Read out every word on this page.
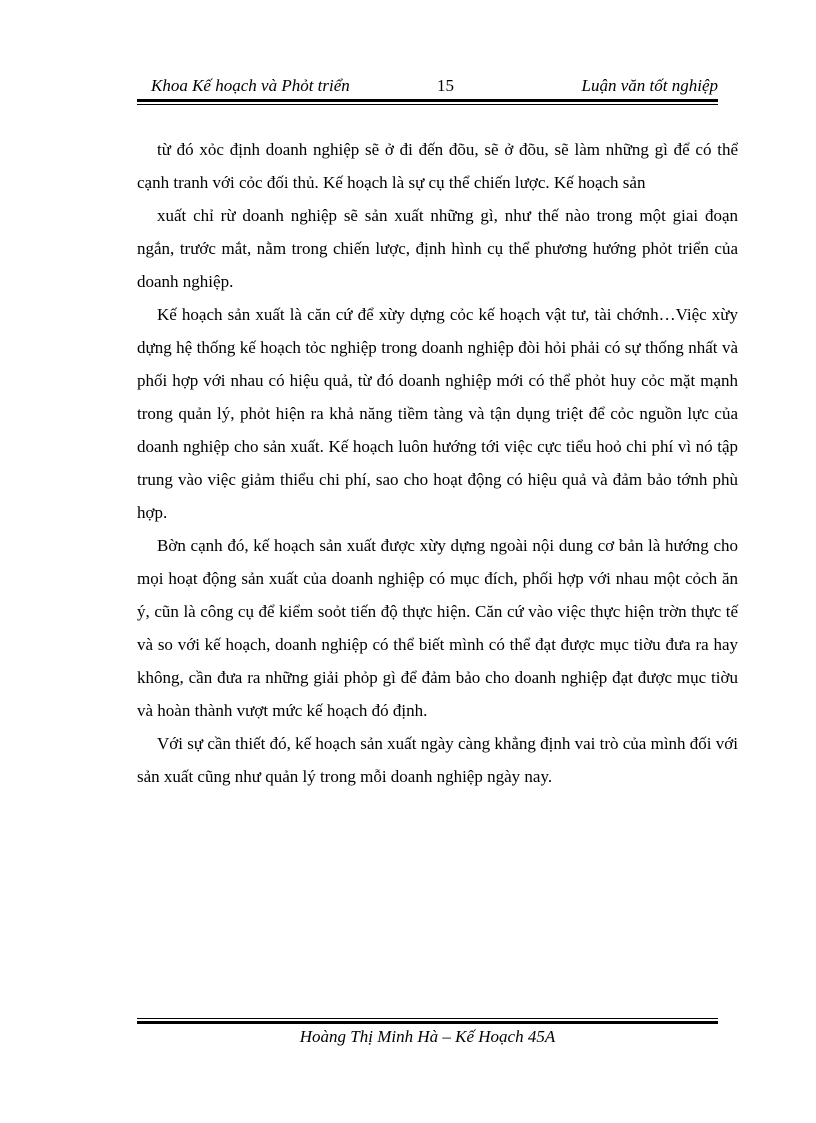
Khoa Kế hoạch và Phỏt triển	15	Luận văn tốt nghiệp

từ đó xỏc định doanh nghiệp sẽ ở đi đến đõu, sẽ ở đõu, sẽ làm những gì để có thể cạnh tranh với cỏc đối thủ. Kế hoạch là sự cụ thể chiến lược. Kế hoạch sản

xuất chỉ rừ doanh nghiệp sẽ sản xuất những gì, như thế nào trong một giai đoạn ngắn, trước mắt, nằm trong chiến lược, định hình cụ thể phương hướng phỏt triển của doanh nghiệp.

Kế hoạch sản xuất là căn cứ để xừy dựng cỏc kế hoạch vật tư, tài chớnh…Việc xừy dựng hệ thống kế hoạch tỏc nghiệp trong doanh nghiệp đòi hỏi phải có sự thống nhất và phối hợp với nhau có hiệu quả, từ đó doanh nghiệp mới có thể phỏt huy cỏc mặt mạnh trong quản lý, phỏt hiện ra khả năng tiềm tàng và tận dụng triệt để cỏc nguồn lực của doanh nghiệp cho sản xuất. Kế hoạch luôn hướng tới việc cực tiểu hoỏ chi phí vì nó tập trung vào việc giảm thiểu chi phí, sao cho hoạt động có hiệu quả và đảm bảo tớnh phù hợp.

Bờn cạnh đó, kế hoạch sản xuất được xừy dựng ngoài nội dung cơ bản là hướng cho mọi hoạt động sản xuất của doanh nghiệp có mục đích, phối hợp với nhau một cỏch ăn ý, cũn là công cụ để kiểm soỏt tiến độ thực hiện. Căn cứ vào việc thực hiện trờn thực tế và so với kế hoạch, doanh nghiệp có thể biết mình có thể đạt được mục tiờu đưa ra hay không, cần đưa ra những giải phỏp gì để đảm bảo cho doanh nghiệp đạt được mục tiờu và hoàn thành vượt mức kế hoạch đó định.

Với sự cần thiết đó, kế hoạch sản xuất ngày càng khẳng định vai trò của mình đối với sản xuất cũng như quản lý trong mỗi doanh nghiệp ngày nay.

Hoàng Thị Minh Hà – Kế Hoạch 45A
